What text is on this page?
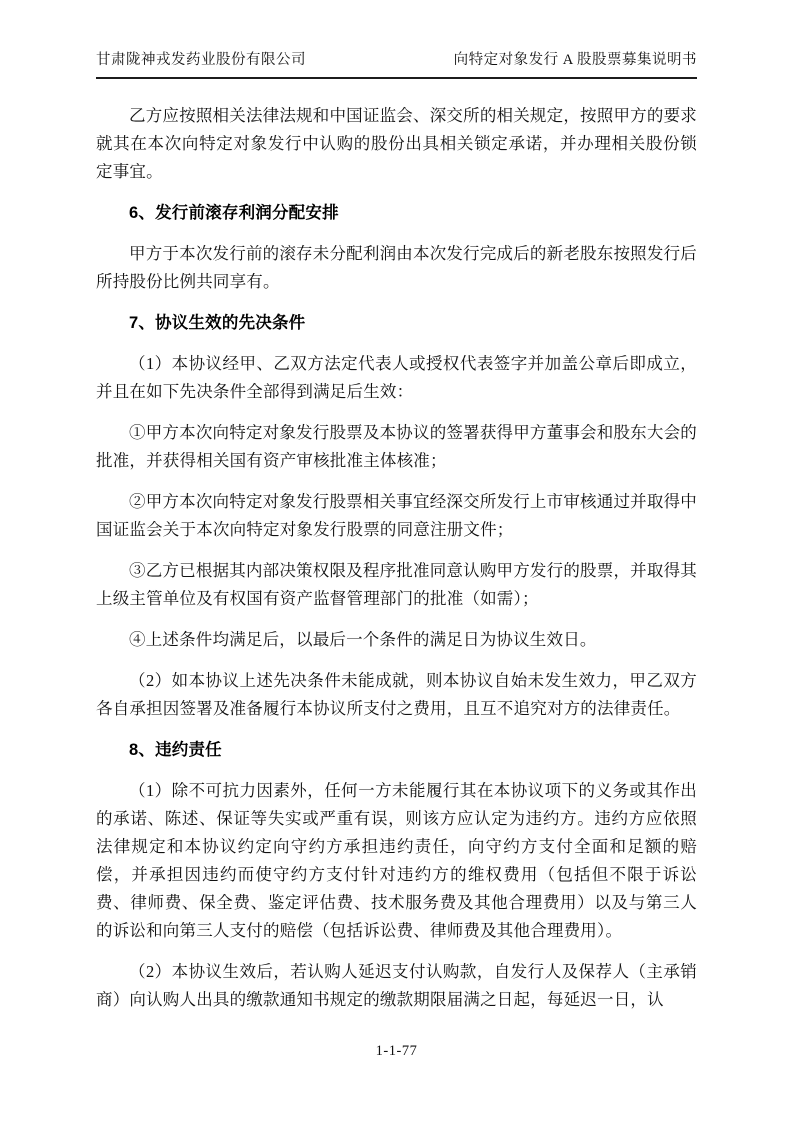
甘肃陇神戎发药业股份有限公司	向特定对象发行 A 股股票募集说明书

乙方应按照相关法律法规和中国证监会、深交所的相关规定，按照甲方的要求就其在本次向特定对象发行中认购的股份出具相关锁定承诺，并办理相关股份锁定事宜。

6、发行前滚存利润分配安排

甲方于本次发行前的滚存未分配利润由本次发行完成后的新老股东按照发行后所持股份比例共同享有。

7、协议生效的先决条件

（1）本协议经甲、乙双方法定代表人或授权代表签字并加盖公章后即成立，并且在如下先决条件全部得到满足后生效：

①甲方本次向特定对象发行股票及本协议的签署获得甲方董事会和股东大会的批准，并获得相关国有资产审核批准主体核准；

②甲方本次向特定对象发行股票相关事宜经深交所发行上市审核通过并取得中国证监会关于本次向特定对象发行股票的同意注册文件；

③乙方已根据其内部决策权限及程序批准同意认购甲方发行的股票，并取得其上级主管单位及有权国有资产监督管理部门的批准（如需）；

④上述条件均满足后，以最后一个条件的满足日为协议生效日。

（2）如本协议上述先决条件未能成就，则本协议自始未发生效力，甲乙双方各自承担因签署及准备履行本协议所支付之费用，且互不追究对方的法律责任。

8、违约责任

（1）除不可抗力因素外，任何一方未能履行其在本协议项下的义务或其作出的承诺、陈述、保证等失实或严重有误，则该方应认定为违约方。违约方应依照法律规定和本协议约定向守约方承担违约责任，向守约方支付全面和足额的赔偿，并承担因违约而使守约方支付针对违约方的维权费用（包括但不限于诉讼费、律师费、保全费、鉴定评估费、技术服务费及其他合理费用）以及与第三人的诉讼和向第三人支付的赔偿（包括诉讼费、律师费及其他合理费用）。

（2）本协议生效后，若认购人延迟支付认购款，自发行人及保荐人（主承销商）向认购人出具的缴款通知书规定的缴款期限届满之日起，每延迟一日，认

1-1-77
